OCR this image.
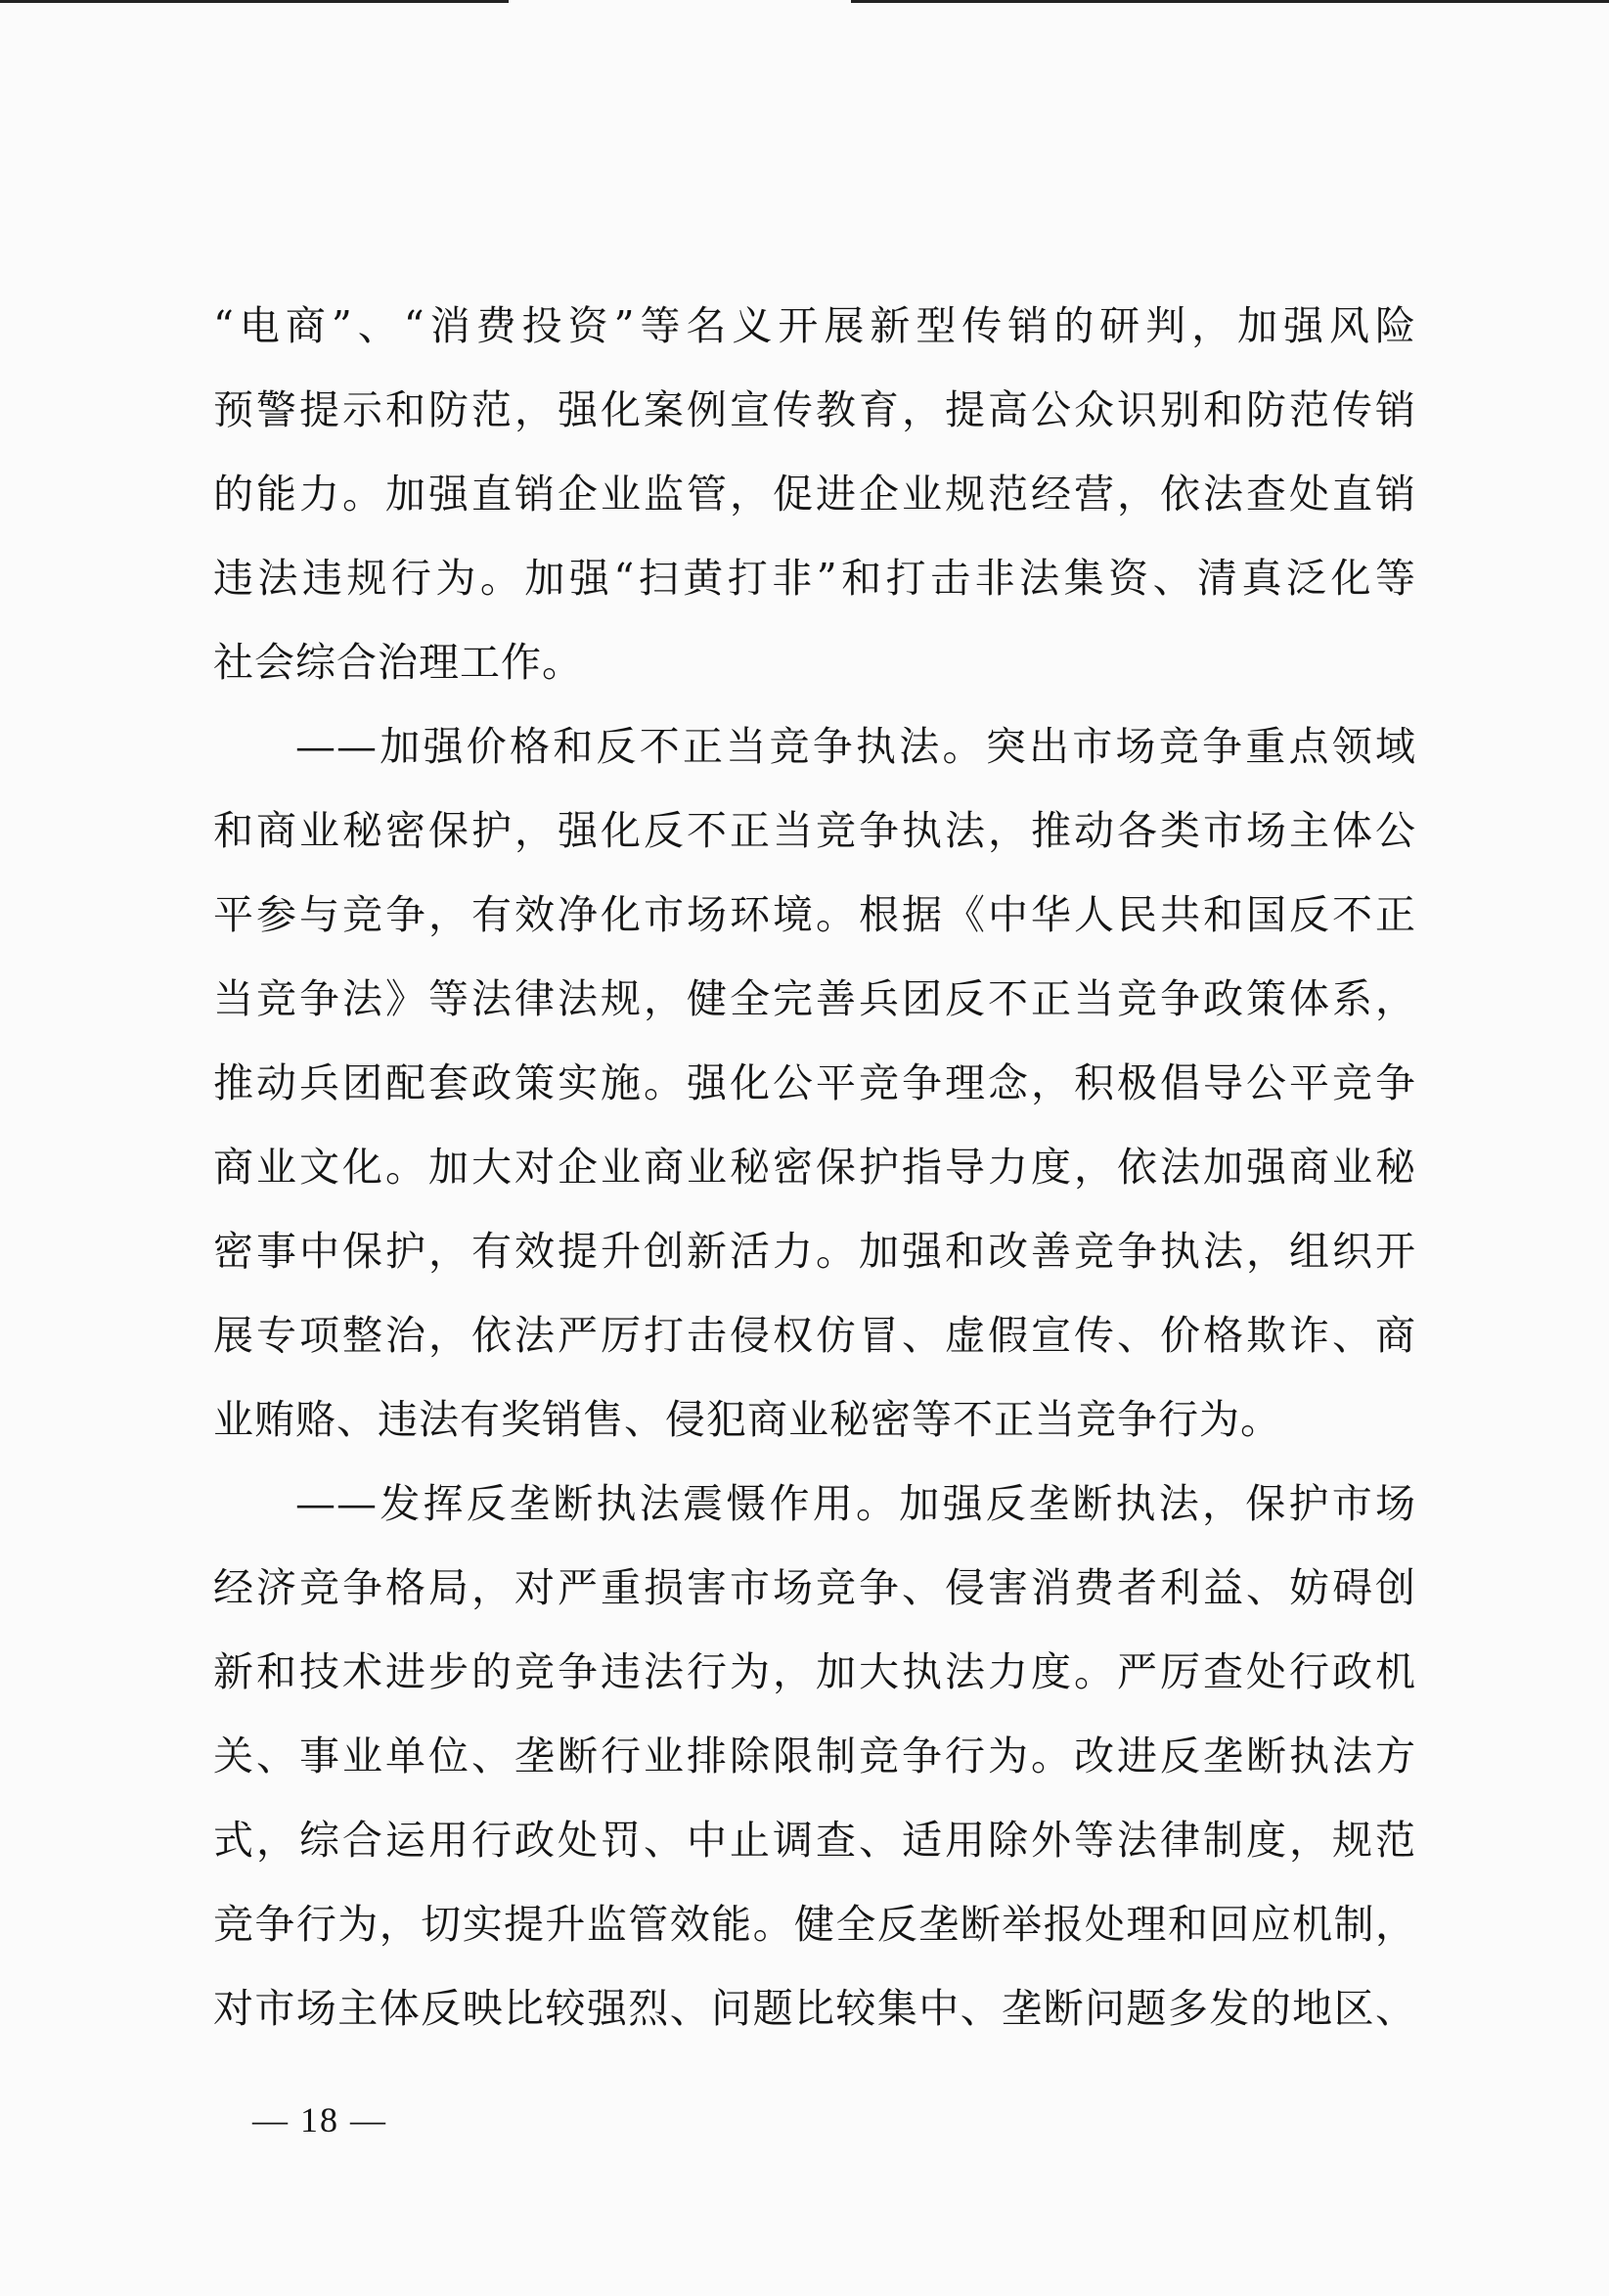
“电商”、“消费投资”等名义开展新型传销的研判，加强风险
预警提示和防范，强化案例宣传教育，提高公众识别和防范传销
的能力。加强直销企业监管，促进企业规范经营，依法查处直销
违法违规行为。加强“扫黄打非”和打击非法集资、清真泛化等
社会综合治理工作。
——加强价格和反不正当竞争执法。突出市场竞争重点领域
和商业秘密保护，强化反不正当竞争执法，推动各类市场主体公
平参与竞争，有效净化市场环境。根据《中华人民共和国反不正
当竞争法》等法律法规，健全完善兵团反不正当竞争政策体系，
推动兵团配套政策实施。强化公平竞争理念，积极倡导公平竞争
商业文化。加大对企业商业秘密保护指导力度，依法加强商业秘
密事中保护，有效提升创新活力。加强和改善竞争执法，组织开
展专项整治，依法严厉打击侵权仿冒、虚假宣传、价格欺诈、商
业贿赂、违法有奖销售、侵犯商业秘密等不正当竞争行为。
——发挥反垄断执法震慑作用。加强反垄断执法，保护市场
经济竞争格局，对严重损害市场竞争、侵害消费者利益、妨碍创
新和技术进步的竞争违法行为，加大执法力度。严厉查处行政机
关、事业单位、垄断行业排除限制竞争行为。改进反垄断执法方
式，综合运用行政处罚、中止调查、适用除外等法律制度，规范
竞争行为，切实提升监管效能。健全反垄断举报处理和回应机制，
对市场主体反映比较强烈、问题比较集中、垄断问题多发的地区、
— 18 —
